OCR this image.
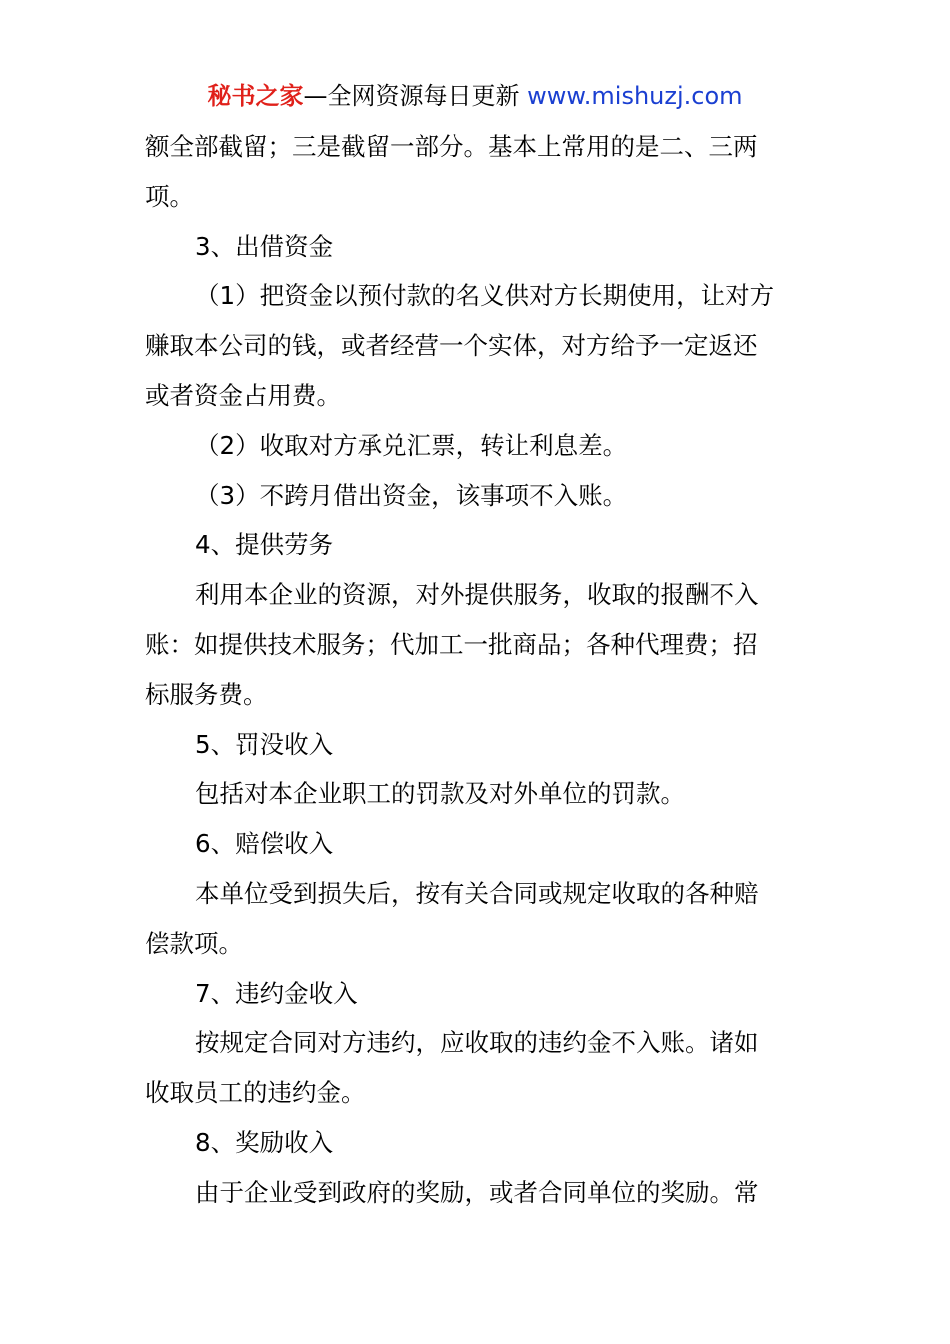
秘书之家—全网资源每日更新 www.mishuzj.com

额全部截留；三是截留一部分。基本上常用的是二、三两

项。

3、出借资金

（1）把资金以预付款的名义供对方长期使用，让对方

赚取本公司的钱，或者经营一个实体，对方给予一定返还

或者资金占用费。

（2）收取对方承兑汇票，转让利息差。

（3）不跨月借出资金，该事项不入账。

4、提供劳务

利用本企业的资源，对外提供服务，收取的报酬不入

账：如提供技术服务；代加工一批商品；各种代理费；招

标服务费。

5、罚没收入

包括对本企业职工的罚款及对外单位的罚款。

6、赔偿收入

本单位受到损失后，按有关合同或规定收取的各种赔

偿款项。

7、违约金收入

按规定合同对方违约，应收取的违约金不入账。诸如

收取员工的违约金。

8、奖励收入

由于企业受到政府的奖励，或者合同单位的奖励。常
